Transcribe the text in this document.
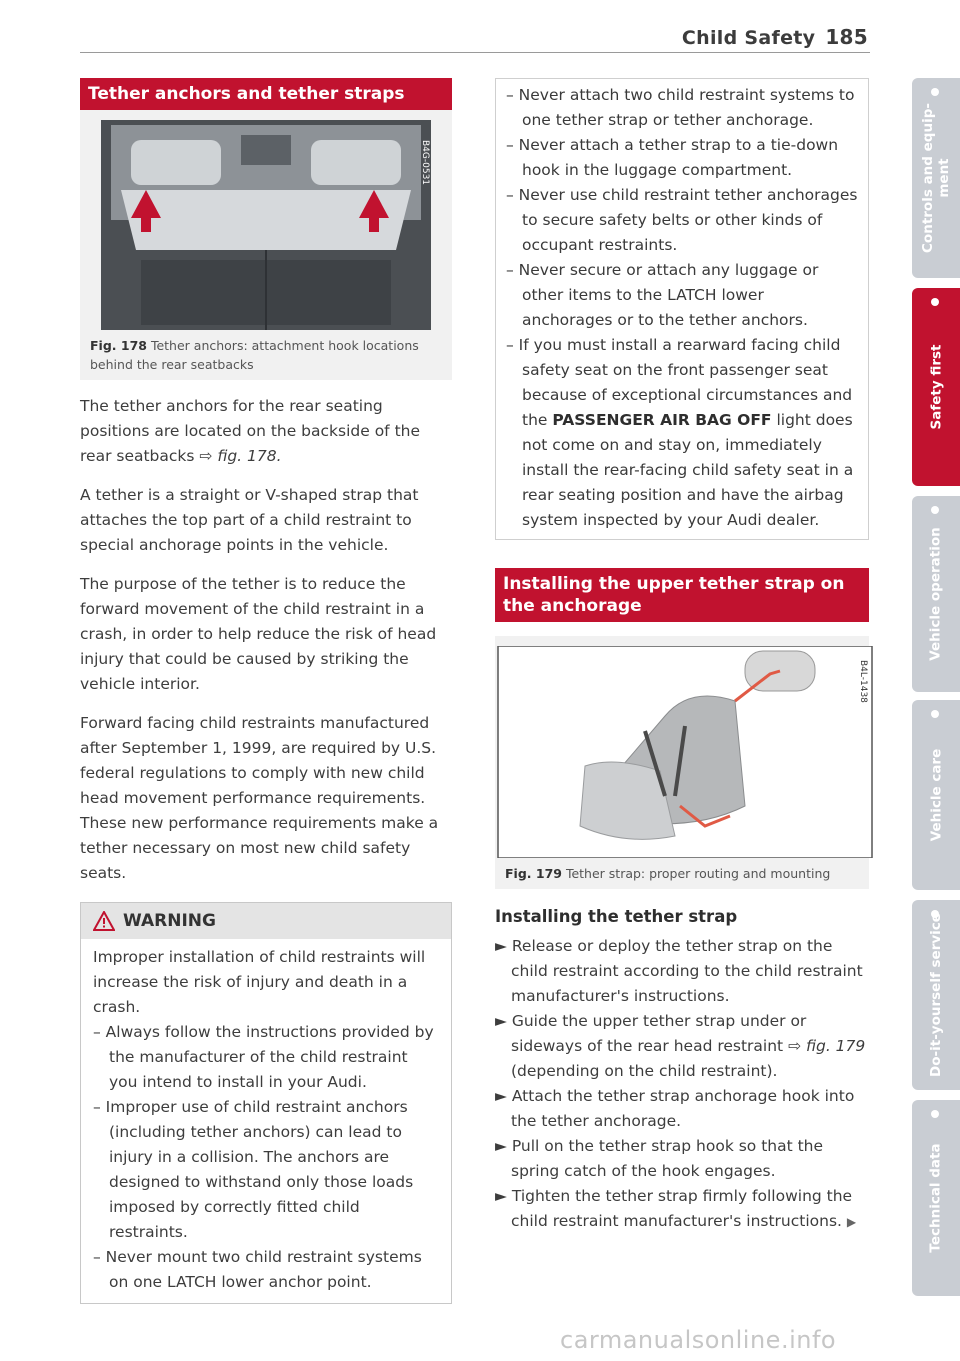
Child Safety 185
Tether anchors and tether straps
B4G-0531
Fig. 178 Tether anchors: attachment hook locations behind the rear seatbacks

The tether anchors for the rear seating positions are located on the backside of the rear seatbacks ⇨ fig. 178.

A tether is a straight or V-shaped strap that attaches the top part of a child restraint to special anchorage points in the vehicle.

The purpose of the tether is to reduce the forward movement of the child restraint in a crash, in order to help reduce the risk of head injury that could be caused by striking the vehicle interior.

Forward facing child restraints manufactured after September 1, 1999, are required by U.S. federal regulations to comply with new child head movement performance requirements. These new performance requirements make a tether necessary on most new child safety seats.

WARNING
Improper installation of child restraints will increase the risk of injury and death in a crash.
– Always follow the instructions provided by the manufacturer of the child restraint you intend to install in your Audi.
– Improper use of child restraint anchors (including tether anchors) can lead to injury in a collision. The anchors are designed to withstand only those loads imposed by correctly fitted child restraints.
– Never mount two child restraint systems on one LATCH lower anchor point.
– Never attach two child restraint systems to one tether strap or tether anchorage.
– Never attach a tether strap to a tie-down hook in the luggage compartment.
– Never use child restraint tether anchorages to secure safety belts or other kinds of occupant restraints.
– Never secure or attach any luggage or other items to the LATCH lower anchorages or to the tether anchors.
– If you must install a rearward facing child safety seat on the front passenger seat because of exceptional circumstances and the PASSENGER AIR BAG OFF light does not come on and stay on, immediately install the rear-facing child safety seat in a rear seating position and have the airbag system inspected by your Audi dealer.
Installing the upper tether strap on the anchorage
B4L-1438
Fig. 179 Tether strap: proper routing and mounting
Installing the tether strap
► Release or deploy the tether strap on the child restraint according to the child restraint manufacturer's instructions.
► Guide the upper tether strap under or sideways of the rear head restraint ⇨ fig. 179 (depending on the child restraint).
► Attach the tether strap anchorage hook into the tether anchorage.
► Pull on the tether strap hook so that the spring catch of the hook engages.
► Tighten the tether strap firmly following the child restraint manufacturer's instructions. ▶
Controls and equip-
ment
Safety first
Vehicle operation
Vehicle care
Do-it-yourself service
Technical data
carmanualsonline.info
